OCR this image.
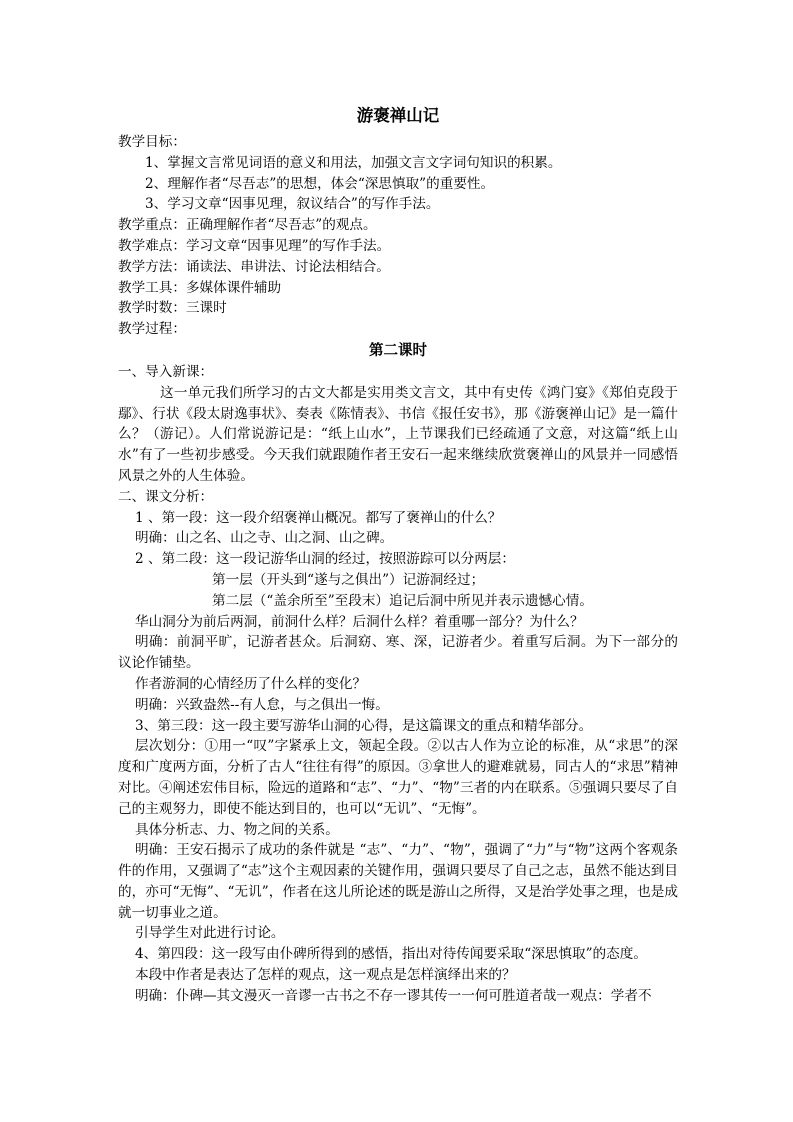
游褒禅山记

教学目标：

1、掌握文言常见词语的意义和用法，加强文言文字词句知识的积累。

2、理解作者“尽吾志”的思想，体会“深思慎取”的重要性。

3、学习文章“因事见理，叙议结合”的写作手法。

教学重点：正确理解作者“尽吾志”的观点。

教学难点：学习文章“因事见理”的写作手法。

教学方法：诵读法、串讲法、讨论法相结合。

教学工具：多媒体课件辅助

教学时数：三课时

教学过程：

第二课时

一、导入新课：

这一单元我们所学习的古文大都是实用类文言文，其中有史传《鸿门宴》《郑伯克段于鄢》、行状《段太尉逸事状》、奏表《陈情表》、书信《报任安书》，那《游褒禅山记》是一篇什么？（游记）。人们常说游记是：“纸上山水”，上节课我们已经疏通了文意，对这篇“纸上山水”有了一些初步感受。今天我们就跟随作者王安石一起来继续欣赏褒禅山的风景并一同感悟风景之外的人生体验。

二、课文分析：

1 、第一段：这一段介绍褒禅山概况。都写了褒禅山的什么？

明确：山之名、山之寺、山之洞、山之碑。

2 、第二段：这一段记游华山洞的经过，按照游踪可以分两层：

第一层（开头到“遂与之俱出”）记游洞经过；

第二层（“盖余所至”至段末）追记后洞中所见并表示遗憾心情。

华山洞分为前后两洞，前洞什么样？后洞什么样？着重哪一部分？为什么？

明确：前洞平旷，记游者甚众。后洞窈、寒、深，记游者少。着重写后洞。为下一部分的议论作铺垫。

作者游洞的心情经历了什么样的变化？

明确：兴致盎然--有人怠，与之俱出一悔。

3、第三段：这一段主要写游华山洞的心得，是这篇课文的重点和精华部分。

层次划分：①用一“叹”字紧承上文，领起全段。②以古人作为立论的标准，从“求思”的深度和广度两方面，分析了古人“往往有得”的原因。③拿世人的避难就易，同古人的“求思”精神对比。④阐述宏伟目标，险远的道路和“志”、“力”、“物”三者的内在联系。⑤强调只要尽了自己的主观努力，即使不能达到目的，也可以“无讥”、“无悔”。

具体分析志、力、物之间的关系。

明确：王安石揭示了成功的条件就是 “志”、“力”、“物”，强调了“力”与“物”这两个客观条件的作用，又强调了“志”这个主观因素的关键作用，强调只要尽了自己之志，虽然不能达到目的，亦可“无悔”、“无讥”，作者在这儿所论述的既是游山之所得，又是治学处事之理，也是成就一切事业之道。

引导学生对此进行讨论。

4、第四段：这一段写由仆碑所得到的感悟，指出对待传闻要采取“深思慎取”的态度。

本段中作者是表达了怎样的观点，这一观点是怎样演绎出来的？

明确：仆碑—其文漫灭一音谬一古书之不存一谬其传一一何可胜道者哉一观点：学者不
